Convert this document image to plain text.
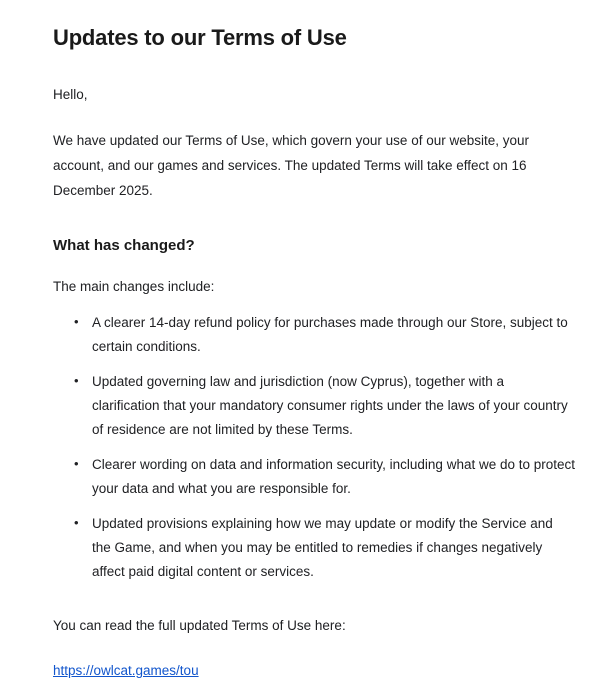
Updates to our Terms of Use

Hello,

We have updated our Terms of Use, which govern your use of our website, your account, and our games and services. The updated Terms will take effect on 16 December 2025.

What has changed?

The main changes include:

• A clearer 14-day refund policy for purchases made through our Store, subject to certain conditions.
• Updated governing law and jurisdiction (now Cyprus), together with a clarification that your mandatory consumer rights under the laws of your country of residence are not limited by these Terms.
• Clearer wording on data and information security, including what we do to protect your data and what you are responsible for.
• Updated provisions explaining how we may update or modify the Service and the Game, and when you may be entitled to remedies if changes negatively affect paid digital content or services.

You can read the full updated Terms of Use here:

https://owlcat.games/tou
